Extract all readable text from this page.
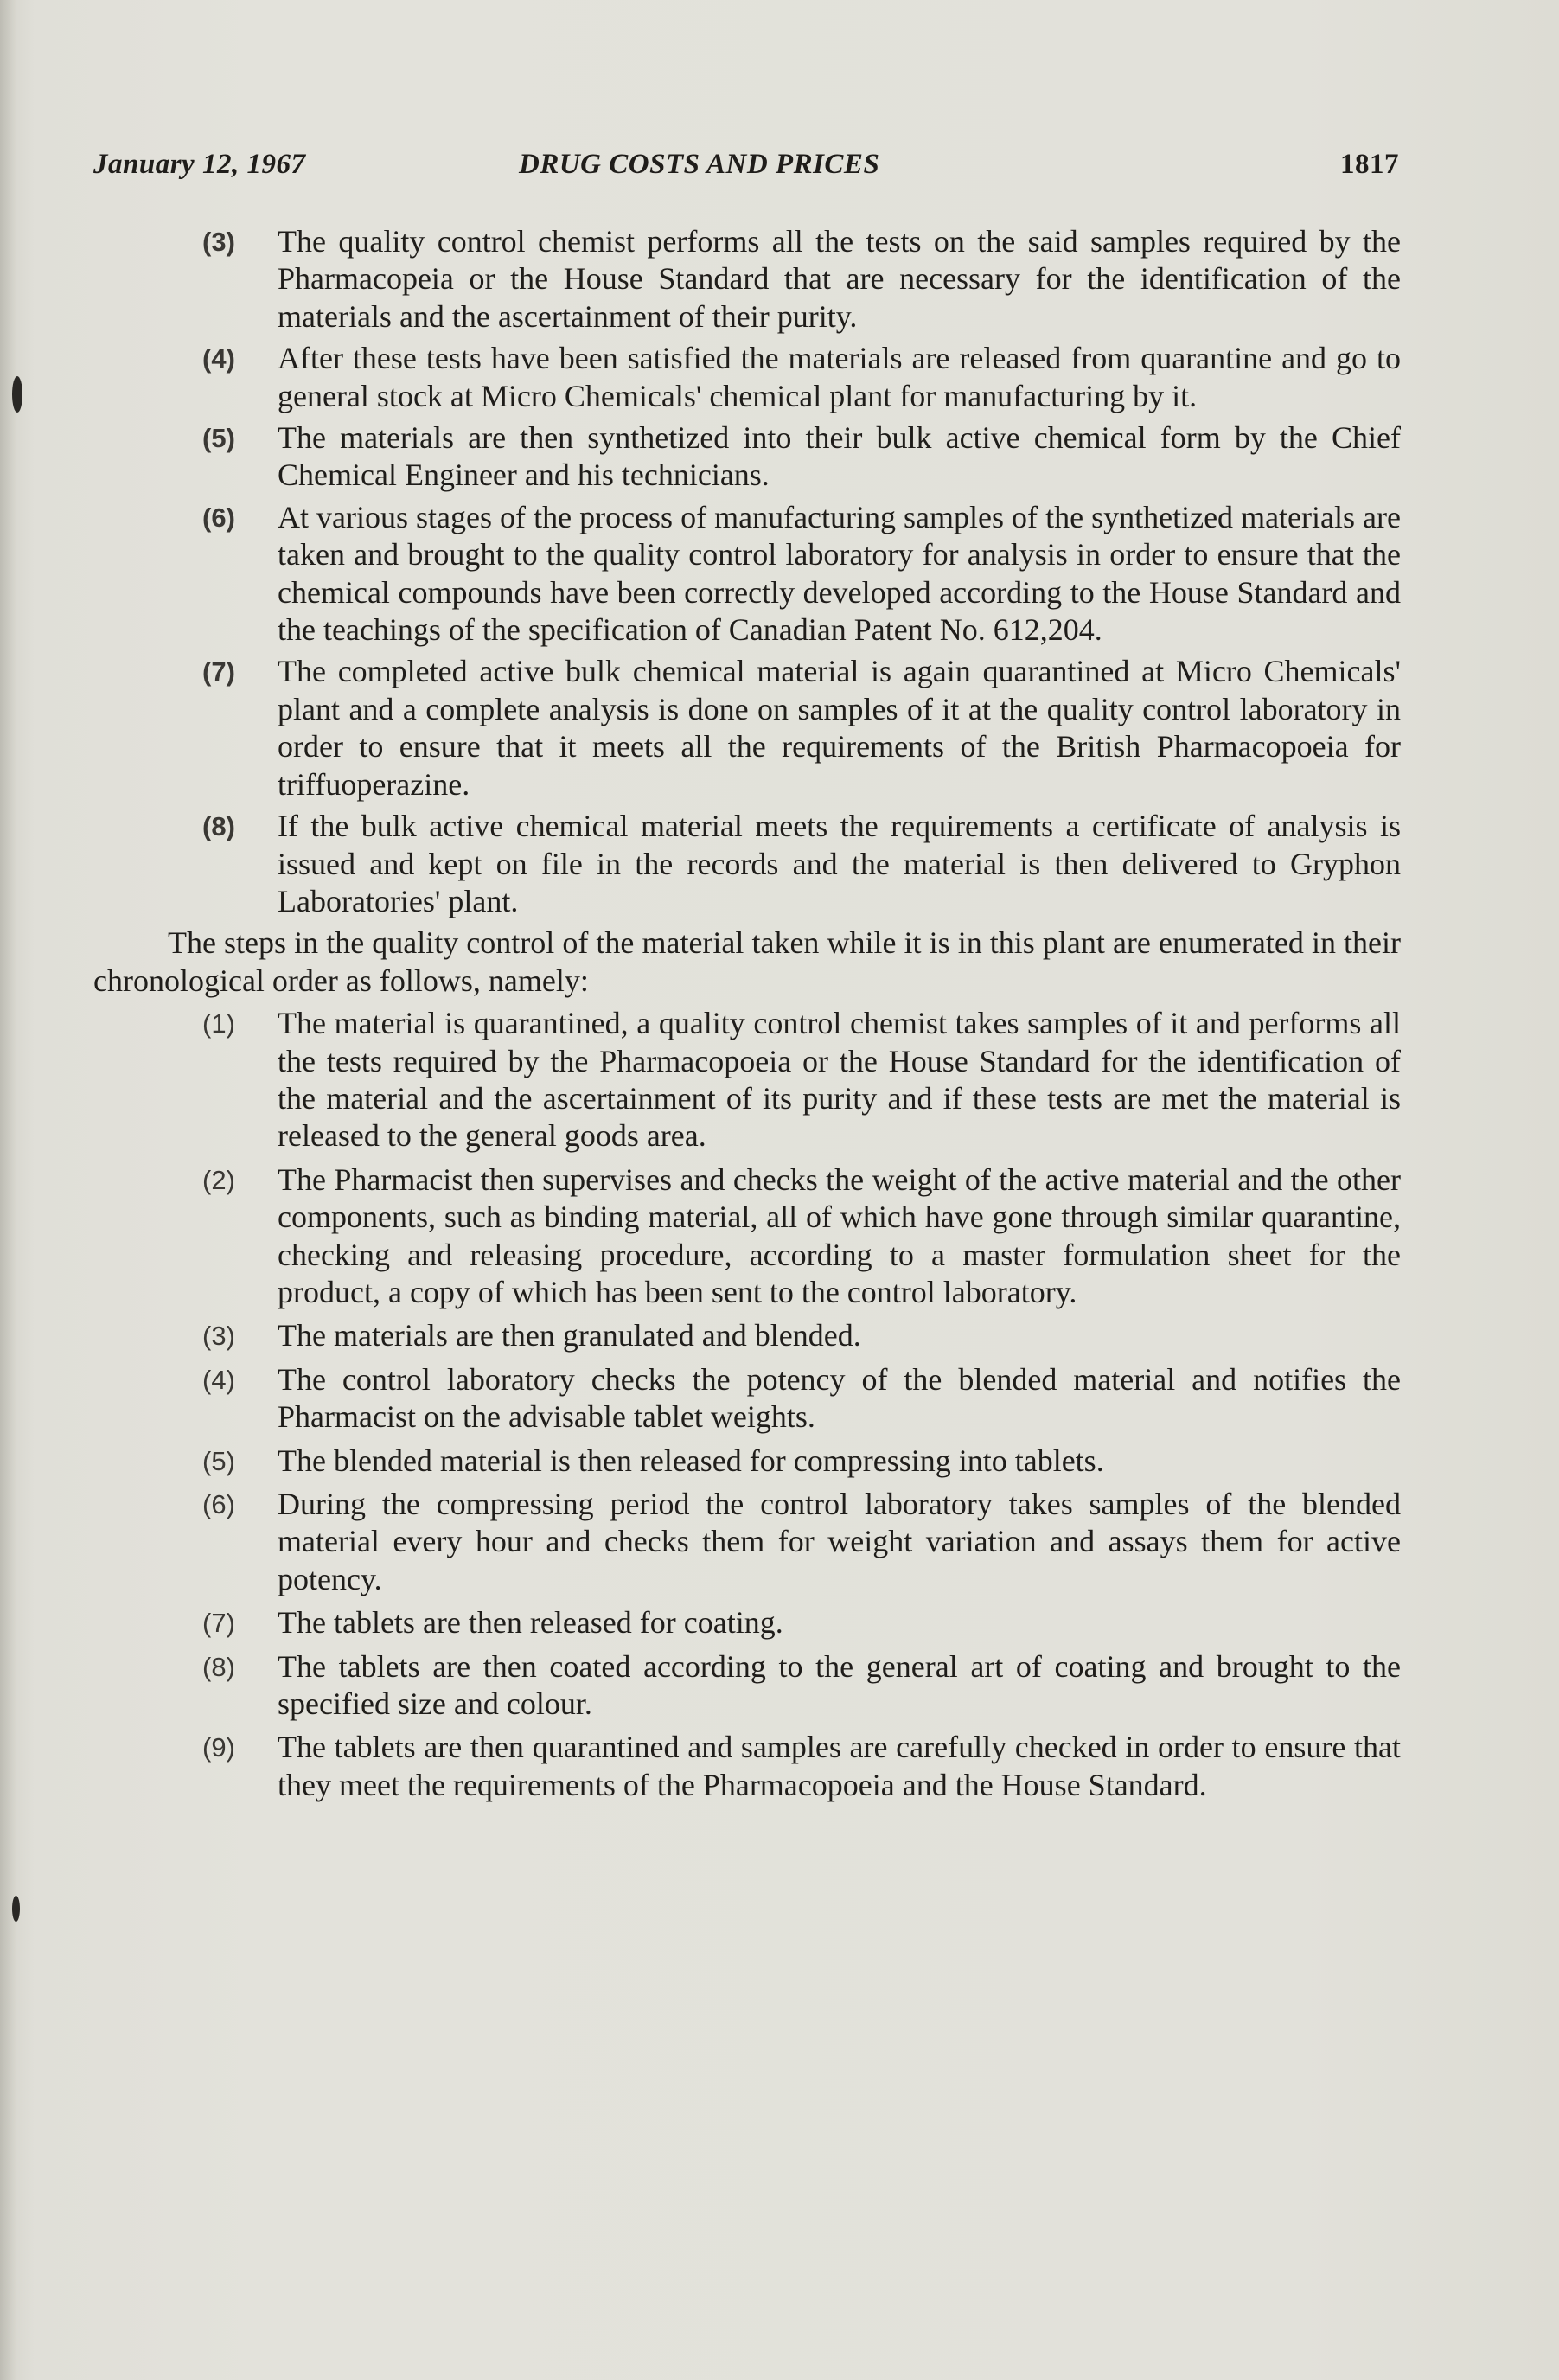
January 12, 1967	DRUG COSTS AND PRICES	1817
(3) The quality control chemist performs all the tests on the said samples required by the Pharmacopeia or the House Standard that are necessary for the identification of the materials and the ascertainment of their purity.
(4) After these tests have been satisfied the materials are released from quarantine and go to general stock at Micro Chemicals' chemical plant for manufacturing by it.
(5) The materials are then synthetized into their bulk active chemical form by the Chief Chemical Engineer and his technicians.
(6) At various stages of the process of manufacturing samples of the synthetized materials are taken and brought to the quality control laboratory for analysis in order to ensure that the chemical compounds have been correctly developed according to the House Standard and the teachings of the specification of Canadian Patent No. 612,204.
(7) The completed active bulk chemical material is again quarantined at Micro Chemicals' plant and a complete analysis is done on samples of it at the quality control laboratory in order to ensure that it meets all the requirements of the British Pharmacopoeia for triffuoperazine.
(8) If the bulk active chemical material meets the requirements a certificate of analysis is issued and kept on file in the records and the material is then delivered to Gryphon Laboratories' plant.

The steps in the quality control of the material taken while it is in this plant are enumerated in their chronological order as follows, namely:

(1) The material is quarantined, a quality control chemist takes samples of it and performs all the tests required by the Pharmacopoeia or the House Standard for the identification of the material and the ascertainment of its purity and if these tests are met the material is released to the general goods area.
(2) The Pharmacist then supervises and checks the weight of the active material and the other components, such as binding material, all of which have gone through similar quarantine, checking and releasing procedure, according to a master formulation sheet for the product, a copy of which has been sent to the control laboratory.
(3) The materials are then granulated and blended.
(4) The control laboratory checks the potency of the blended material and notifies the Pharmacist on the advisable tablet weights.
(5) The blended material is then released for compressing into tablets.
(6) During the compressing period the control laboratory takes samples of the blended material every hour and checks them for weight variation and assays them for active potency.
(7) The tablets are then released for coating.
(8) The tablets are then coated according to the general art of coating and brought to the specified size and colour.
(9) The tablets are then quarantined and samples are carefully checked in order to ensure that they meet the requirements of the Pharmacopoeia and the House Standard.
